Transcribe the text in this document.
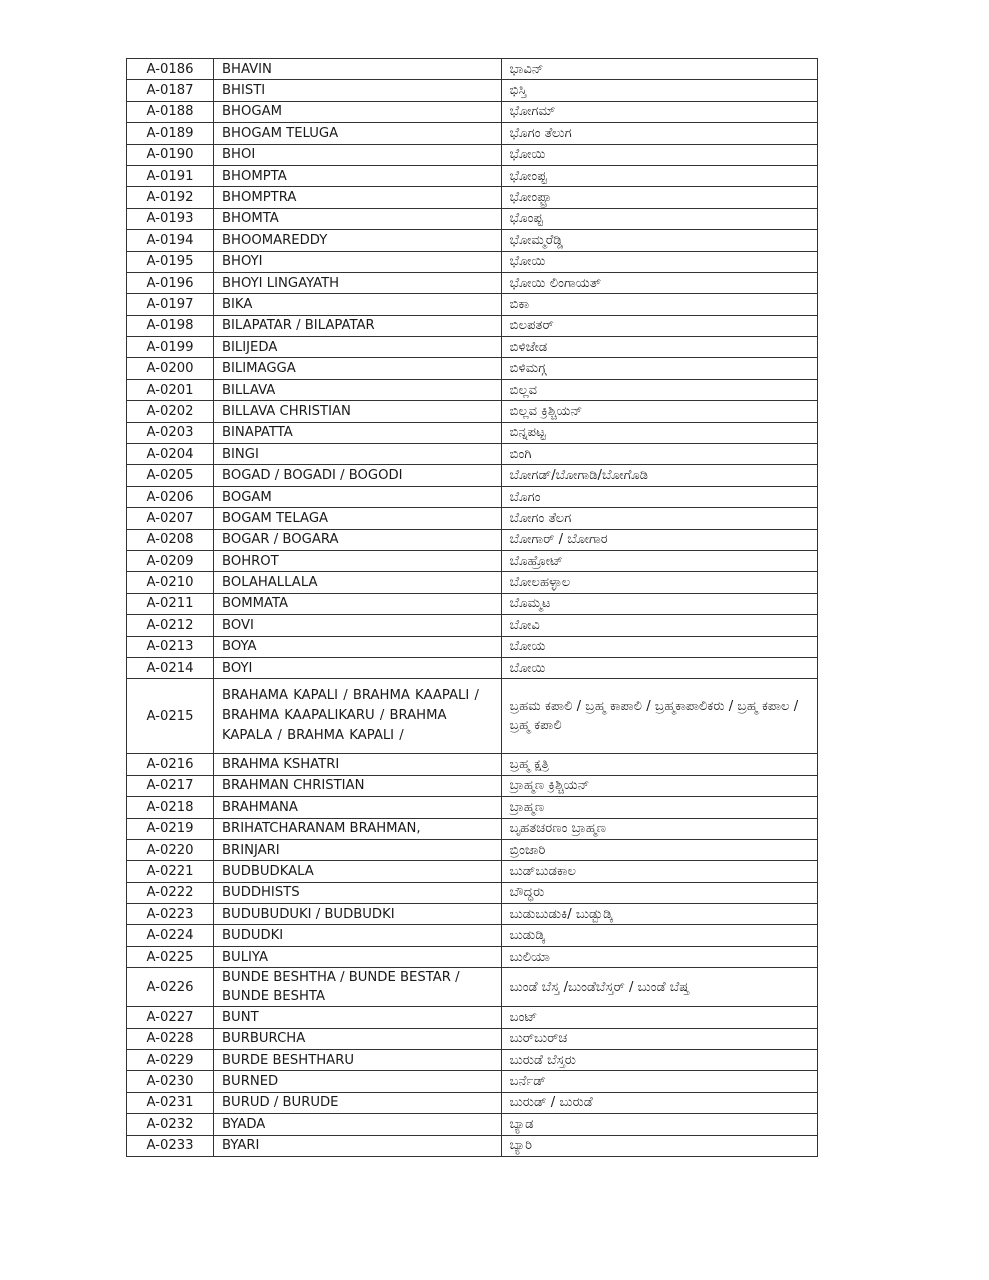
A-0186	BHAVIN	ಭಾವಿನ್
A-0187	BHISTI	ಭಿಸ್ತಿ
A-0188	BHOGAM	ಭೋಗಮ್
A-0189	BHOGAM TELUGA	ಭೊಗಂ ತೆಲುಗ
A-0190	BHOI	ಭೋಯಿ
A-0191	BHOMPTA	ಭೋಂಪ್ಟ
A-0192	BHOMPTRA	ಭೋಂಪ್ಟ್ರಾ
A-0193	BHOMTA	ಭೊಂಪ್ಟ
A-0194	BHOOMAREDDY	ಭೋಮ್ಮರೆಡ್ಡಿ
A-0195	BHOYI	ಭೋಯಿ
A-0196	BHOYI LINGAYATH	ಭೋಯಿ ಲಿಂಗಾಯತ್
A-0197	BIKA	ಬಿಕಾ
A-0198	BILAPATAR / BILAPATAR	ಬಿಲಪತರ್
A-0199	BILIJEDA	ಬಿಳಿಜೇಡ
A-0200	BILIMAGGA	ಬಿಳಿಮಗ್ಗ
A-0201	BILLAVA	ಬಿಲ್ಲವ
A-0202	BILLAVA CHRISTIAN	ಬಿಲ್ಲವ ಕ್ರಿಶ್ಚಿಯನ್
A-0203	BINAPATTA	ಬಿನ್ನಪಟ್ಟ
A-0204	BINGI	ಬಿಂಗಿ
A-0205	BOGAD / BOGADI / BOGODI	ಬೋಗಡ್/ಬೋಗಾಡಿ/ಬೋಗೊಡಿ
A-0206	BOGAM	ಬೊಗಂ
A-0207	BOGAM TELAGA	ಬೋಗಂ ತೆಲಗ
A-0208	BOGAR / BOGARA	ಬೋಗಾರ್ / ಬೋಗಾರ
A-0209	BOHROT	ಬೊಹ್ರೋಟ್
A-0210	BOLAHALLALA	ಬೋಲಹಳ್ಳಾಲ
A-0211	BOMMATA	ಬೊಮ್ಮಟ
A-0212	BOVI	ಬೋವಿ
A-0213	BOYA	ಬೋಯ
A-0214	BOYI	ಬೋಯಿ
A-0215	BRAHAMA KAPALI / BRAHMA KAAPALI / BRAHMA KAAPALIKARU / BRAHMA KAPALA / BRAHMA KAPALI /	ಬ್ರಹಮ ಕಪಾಲಿ / ಬ್ರಹ್ಮ ಕಾಪಾಲಿ / ಬ್ರಹ್ಮಕಾಪಾಲಿಕರು / ಬ್ರಹ್ಮ ಕಪಾಲ / ಬ್ರಹ್ಮ ಕಪಾಲಿ
A-0216	BRAHMA KSHATRI	ಬ್ರಹ್ಮ ಕ್ಷತ್ರಿ
A-0217	BRAHMAN CHRISTIAN	ಬ್ರಾಹ್ಮಣ ಕ್ರಿಶ್ಚಿಯನ್
A-0218	BRAHMANA	ಬ್ರಾಹ್ಮಣ
A-0219	BRIHATCHARANAM BRAHMAN,	ಬೃಹತಚರಣಂ ಬ್ರಾಹ್ಮಣ
A-0220	BRINJARI	ಬ್ರಿಂಜಾರಿ
A-0221	BUDBUDKALA	ಬುಡ್‌ಬುಡಕಾಲ
A-0222	BUDDHISTS	ಬೌದ್ಧರು
A-0223	BUDUBUDUKI / BUDBUDKI	ಬುಡುಬುಡುಕಿ/ ಬುಡ್ಬುಡ್ಕಿ
A-0224	BUDUDKI	ಬುಡುಡ್ಕಿ
A-0225	BULIYA	ಬುಲಿಯಾ
A-0226	BUNDE BESHTHA / BUNDE BESTAR / BUNDE BESHTA	ಬುಂಡೆ ಬೆಸ್ತ /ಬುಂಡೆಬೆಸ್ತರ್ / ಬುಂಡೆ ಬೆಷ್ತ
A-0227	BUNT	ಬಂಟ್
A-0228	BURBURCHA	ಬುರ್‌ಬುರ್‌ಚ
A-0229	BURDE BESHTHARU	ಬುರುಡೆ ಬೆಸ್ತರು
A-0230	BURNED	ಬರ್ನೆಡ್
A-0231	BURUD / BURUDE	ಬುರುಡ್ / ಬುರುಡೆ
A-0232	BYADA	ಬ್ಯಾಡ
A-0233	BYARI	ಬ್ಯಾರಿ
